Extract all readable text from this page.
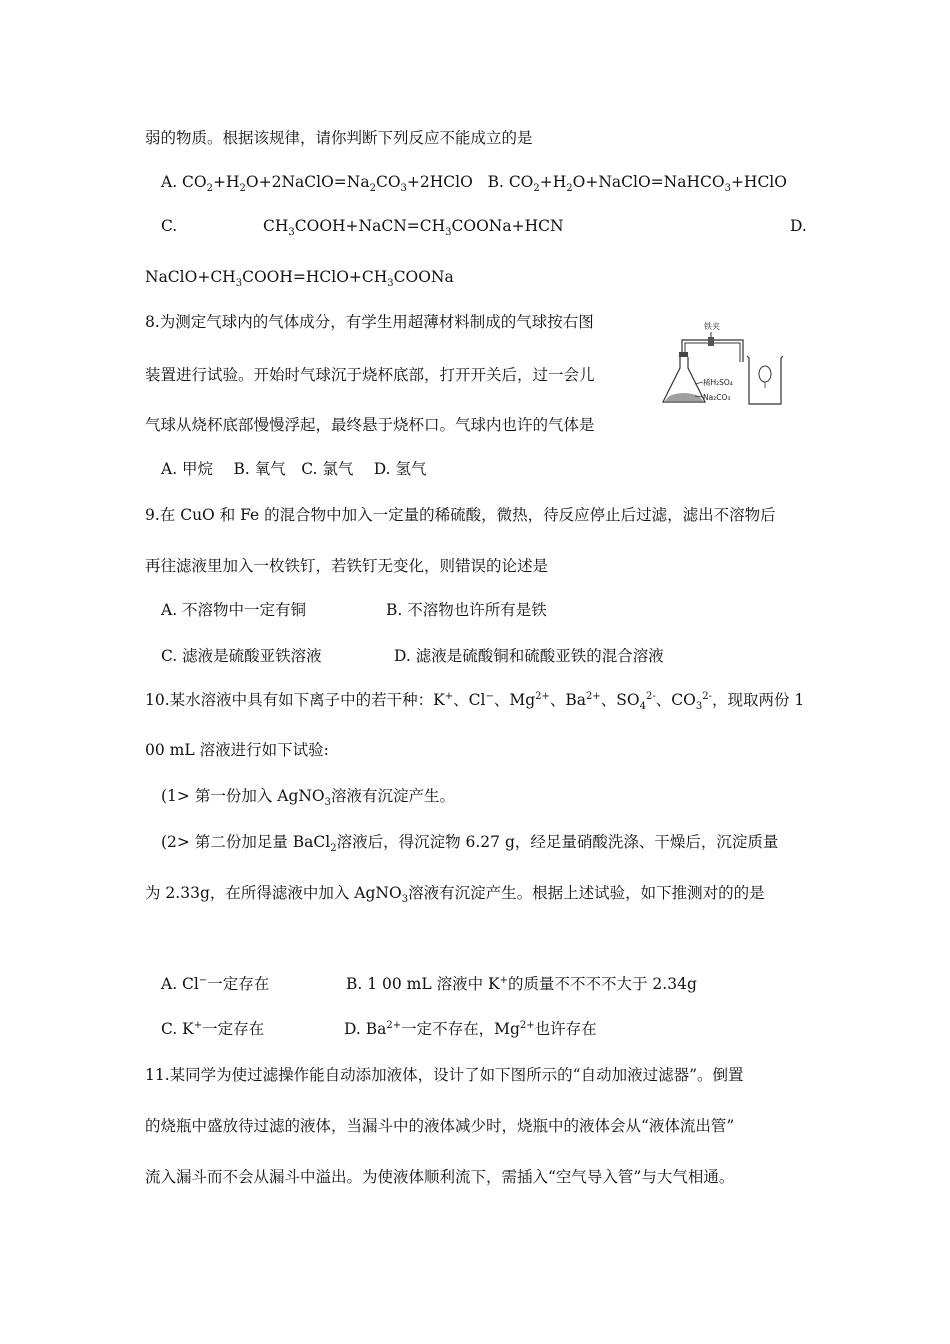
弱的物质。根据该规律，请你判断下列反应不能成立的是
A. $CO_2+H_2O+2NaClO=Na_2CO_3+2HClO$ B. $CO_2+H_2O+NaClO=NaHCO_3+HClO$
C.	$CH_3COOH+NaCN=CH_3COONa+HCN$	D.
$NaClO+CH_3COOH=HClO+CH_3COONa$
8.为测定气球内的气体成分，有学生用超薄材料制成的气球按右图
装置进行试验。开始时气球沉于烧杯底部，打开开关后，过一会儿
气球从烧杯底部慢慢浮起，最终悬于烧杯口。气球内也许的气体是
A. 甲烷　 B. 氧气　C. 氯气　 D. 氢气
铁夹
稀H₂SO₄
Na₂CO₃
9.在 CuO 和 Fe 的混合物中加入一定量的稀硫酸，微热，待反应停止后过滤，滤出不溶物后
再往滤液里加入一枚铁钉，若铁钉无变化，则错误的论述是
A. 不溶物中一定有铜	B. 不溶物也许所有是铁
C. 滤液是硫酸亚铁溶液	D. 滤液是硫酸铜和硫酸亚铁的混合溶液
10.某水溶液中具有如下离子中的若干种：K+、Cl−、$Mg^{2+}$、$Ba^{2+}$、$SO_4^{2-}$、$CO_3^{2-}$，现取两份 1
00 mL 溶液进行如下试验:
(1> 第一份加入 AgNO$_3$溶液有沉淀产生。
(2> 第二份加足量 BaCl$_2$溶液后，得沉淀物 6.27 g，经足量硝酸洗涤、干燥后，沉淀质量
为 2.33g，在所得滤液中加入 AgNO$_3$溶液有沉淀产生。根据上述试验，如下推测对的的是
A. Cl−一定存在	B. 1 00 mL 溶液中 K+的质量不不不不大于 2.34g
C. K+一定存在	D. $Ba^{2+}$一定不存在，$Mg^{2+}$也许存在
11.某同学为使过滤操作能自动添加液体，设计了如下图所示的“自动加液过滤器”。倒置
的烧瓶中盛放待过滤的液体，当漏斗中的液体减少时，烧瓶中的液体会从“液体流出管”
流入漏斗而不会从漏斗中溢出。为使液体顺利流下，需插入“空气导入管”与大气相通。
